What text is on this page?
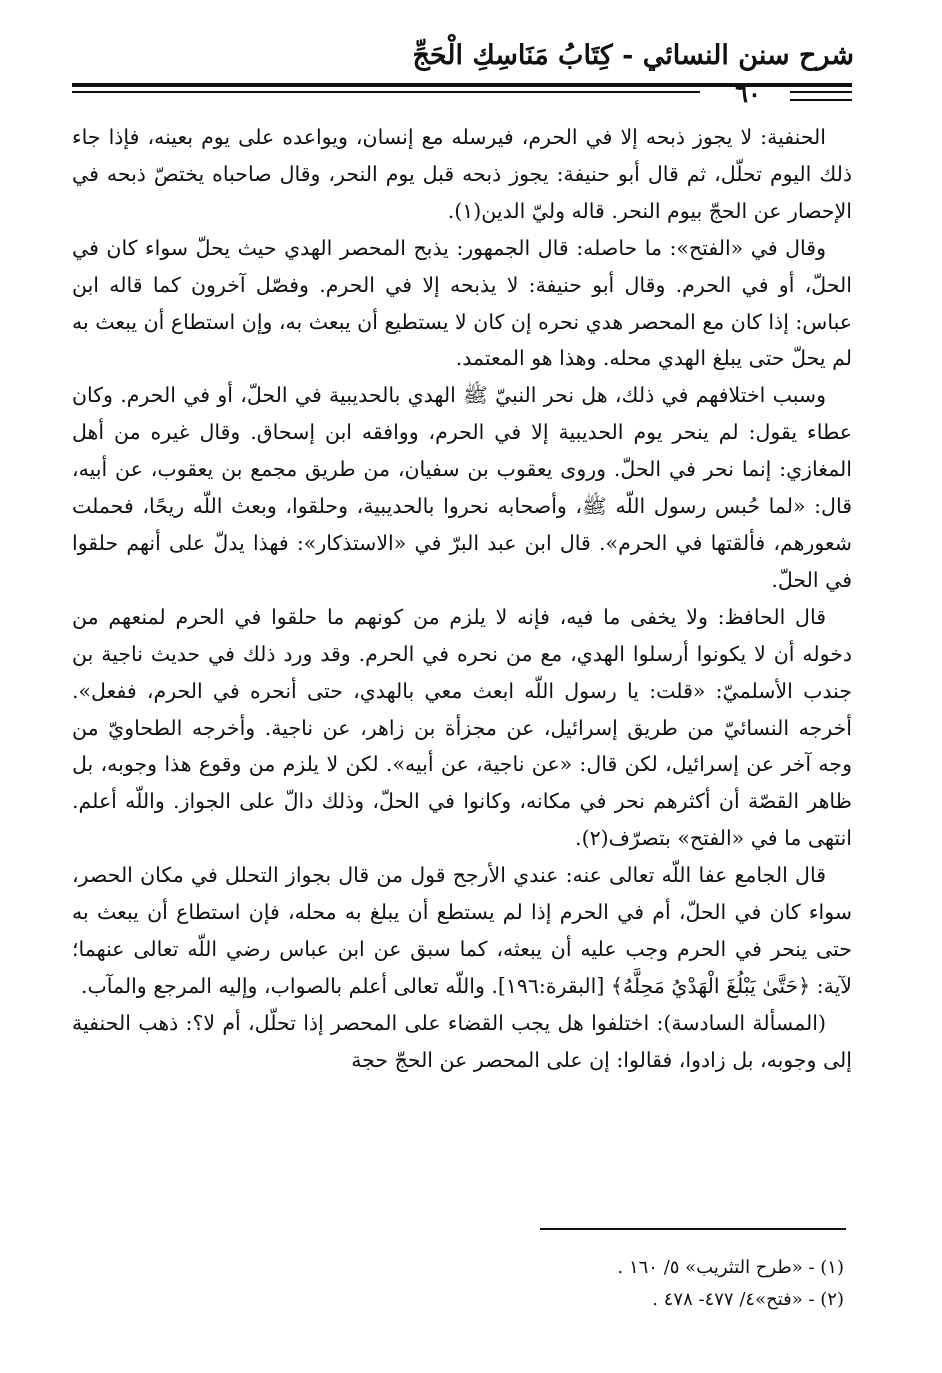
شرح سنن النسائي - كِتَابُ مَنَاسِكِ الْحَجِّ
٦٠

الحنفية: لا يجوز ذبحه إلا في الحرم، فيرسله مع إنسان، ويواعده على يوم بعينه، فإذا جاء ذلك اليوم تحلّل، ثم قال أبو حنيفة: يجوز ذبحه قبل يوم النحر، وقال صاحباه يختصّ ذبحه في الإحصار عن الحجّ بيوم النحر. قاله وليّ الدين(١).

وقال في «الفتح»: ما حاصله: قال الجمهور: يذبح المحصر الهدي حيث يحلّ سواء كان في الحلّ، أو في الحرم. وقال أبو حنيفة: لا يذبحه إلا في الحرم. وفصّل آخرون كما قاله ابن عباس: إذا كان مع المحصر هدي نحره إن كان لا يستطيع أن يبعث به، وإن استطاع أن يبعث به لم يحلّ حتى يبلغ الهدي محله. وهذا هو المعتمد.

وسبب اختلافهم في ذلك، هل نحر النبيّ ﷺ الهدي بالحديبية في الحلّ، أو في الحرم. وكان عطاء يقول: لم ينحر يوم الحديبية إلا في الحرم، ووافقه ابن إسحاق. وقال غيره من أهل المغازي: إنما نحر في الحلّ. وروى يعقوب بن سفيان، من طريق مجمع بن يعقوب، عن أبيه، قال: «لما حُبس رسول اللّه ﷺ، وأصحابه نحروا بالحديبية، وحلقوا، وبعث اللّه ريحًا، فحملت شعورهم، فألقتها في الحرم». قال ابن عبد البرّ في «الاستذكار»: فهذا يدلّ على أنهم حلقوا في الحلّ.

قال الحافظ: ولا يخفى ما فيه، فإنه لا يلزم من كونهم ما حلقوا في الحرم لمنعهم من دخوله أن لا يكونوا أرسلوا الهدي، مع من نحره في الحرم. وقد ورد ذلك في حديث ناجية بن جندب الأسلميّ: «قلت: يا رسول اللّه ابعث معي بالهدي، حتى أنحره في الحرم، ففعل». أخرجه النسائيّ من طريق إسرائيل، عن مجزأة بن زاهر، عن ناجية. وأخرجه الطحاويّ من وجه آخر عن إسرائيل، لكن قال: «عن ناجية، عن أبيه». لكن لا يلزم من وقوع هذا وجوبه، بل ظاهر القصّة أن أكثرهم نحر في مكانه، وكانوا في الحلّ، وذلك دالّ على الجواز. واللّه أعلم. انتهى ما في «الفتح» بتصرّف(٢).

قال الجامع عفا اللّه تعالى عنه: عندي الأرجح قول من قال بجواز التحلل في مكان الحصر، سواء كان في الحلّ، أم في الحرم إذا لم يستطع أن يبلغ به محله، فإن استطاع أن يبعث به حتى ينحر في الحرم وجب عليه أن يبعثه، كما سبق عن ابن عباس رضي اللّه تعالى عنهما؛ لآية: ﴿حَتَّىٰ يَبْلُغَ الْهَدْيُ مَحِلَّهُ﴾ [البقرة:١٩٦]. واللّه تعالى أعلم بالصواب، وإليه المرجع والمآب.

(المسألة السادسة): اختلفوا هل يجب القضاء على المحصر إذا تحلّل، أم لا؟: ذهب الحنفية إلى وجوبه، بل زادوا، فقالوا: إن على المحصر عن الحجّ حجة

(١) - «طرح التثريب» ٥/ ١٦٠ .
(٢) - «فتح»٤/ ٤٧٧- ٤٧٨ .
